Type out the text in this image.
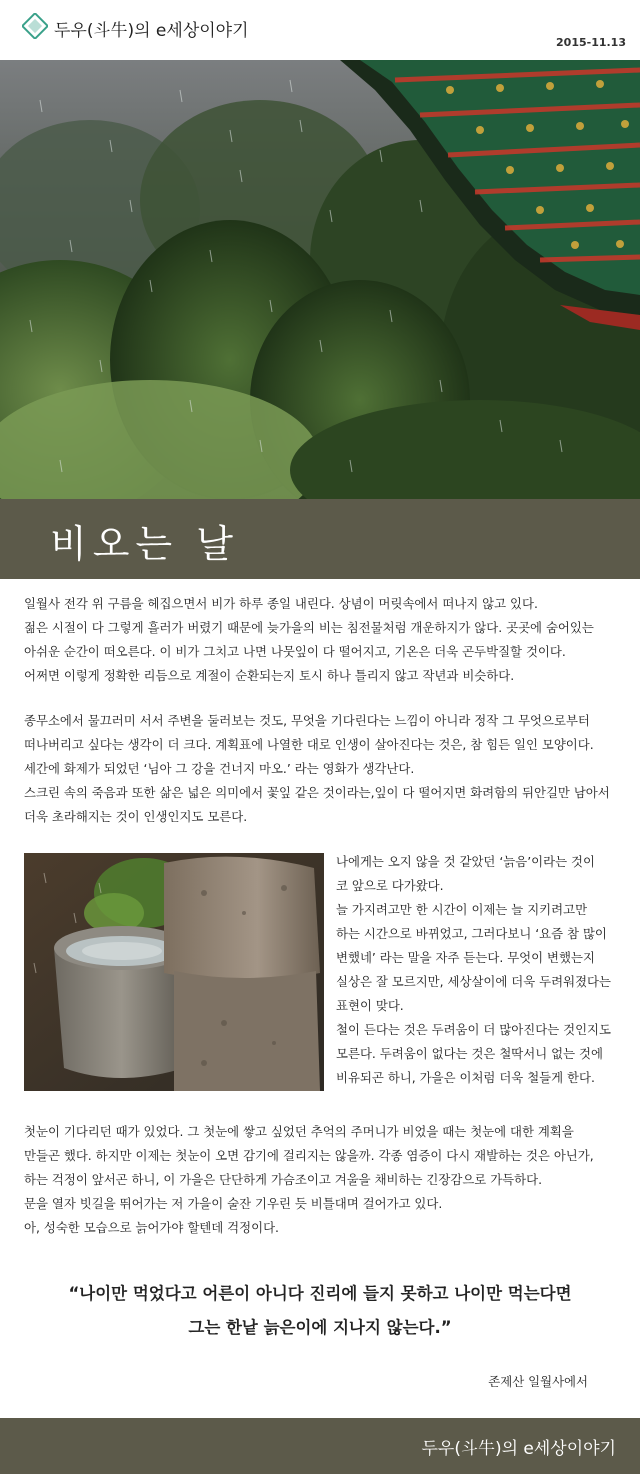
두우(斗牛)의 e세상이야기
2015-11.13
비오는 날

일월사 전각 위 구름을 헤집으면서 비가 하루 종일 내린다. 상념이 머릿속에서 떠나지 않고 있다.

젊은 시절이 다 그렇게 흘러가 버렸기 때문에 늦가을의 비는 침전물처럼 개운하지가 않다. 곳곳에 숨어있는

아쉬운 순간이 떠오른다. 이 비가 그치고 나면 나뭇잎이 다 떨어지고, 기온은 더욱 곤두박질할 것이다.

어쩌면 이렇게 정확한 리듬으로 계절이 순환되는지 토시 하나 틀리지 않고 작년과 비슷하다.

종무소에서 물끄러미 서서 주변을 둘러보는 것도, 무엇을 기다린다는 느낌이 아니라 정작 그 무엇으로부터

떠나버리고 싶다는 생각이 더 크다. 계획표에 나열한 대로 인생이 살아진다는 것은, 참 힘든 일인 모양이다.

세간에 화제가 되었던 ‘님아 그 강을 건너지 마오.’ 라는 영화가 생각난다.

스크린 속의 죽음과 또한 삶은 넓은 의미에서 꽃잎 같은 것이라는,잎이 다 떨어지면 화려함의 뒤안길만 남아서

더욱 초라해지는 것이 인생인지도 모른다.

나에게는 오지 않을 것 같았던 ‘늙음’이라는 것이

코 앞으로 다가왔다.

늘 가지려고만 한 시간이 이제는 늘 지키려고만

하는 시간으로 바뀌었고, 그러다보니 ‘요즘 참 많이

변했네’ 라는 말을 자주 듣는다. 무엇이 변했는지

실상은 잘 모르지만, 세상살이에 더욱 두려워졌다는

표현이 맞다.

철이 든다는 것은 두려움이 더 많아진다는 것인지도

모른다. 두려움이 없다는 것은 철딱서니 없는 것에

비유되곤 하니, 가을은 이처럼 더욱 철들게 한다.

첫눈이 기다리던 때가 있었다. 그 첫눈에 쌓고 싶었던 추억의 주머니가 비었을 때는 첫눈에 대한 계획을

만들곤 했다. 하지만 이제는 첫눈이 오면 감기에 걸리지는 않을까. 각종 염증이 다시 재발하는 것은 아닌가,

하는 걱정이 앞서곤 하니, 이 가을은 단단하게 가슴조이고 겨울을 채비하는 긴장감으로 가득하다.

문을 열자 빗길을 뛰어가는 저 가을이 술잔 기우린 듯 비틀대며 걸어가고 있다.

아, 성숙한 모습으로 늙어가야 할텐데 걱정이다.

“나이만 먹었다고 어른이 아니다 진리에 들지 못하고 나이만 먹는다면

그는 한낱 늙은이에 지나지 않는다.”

존제산 일월사에서
두우(斗牛)의 e세상이야기
